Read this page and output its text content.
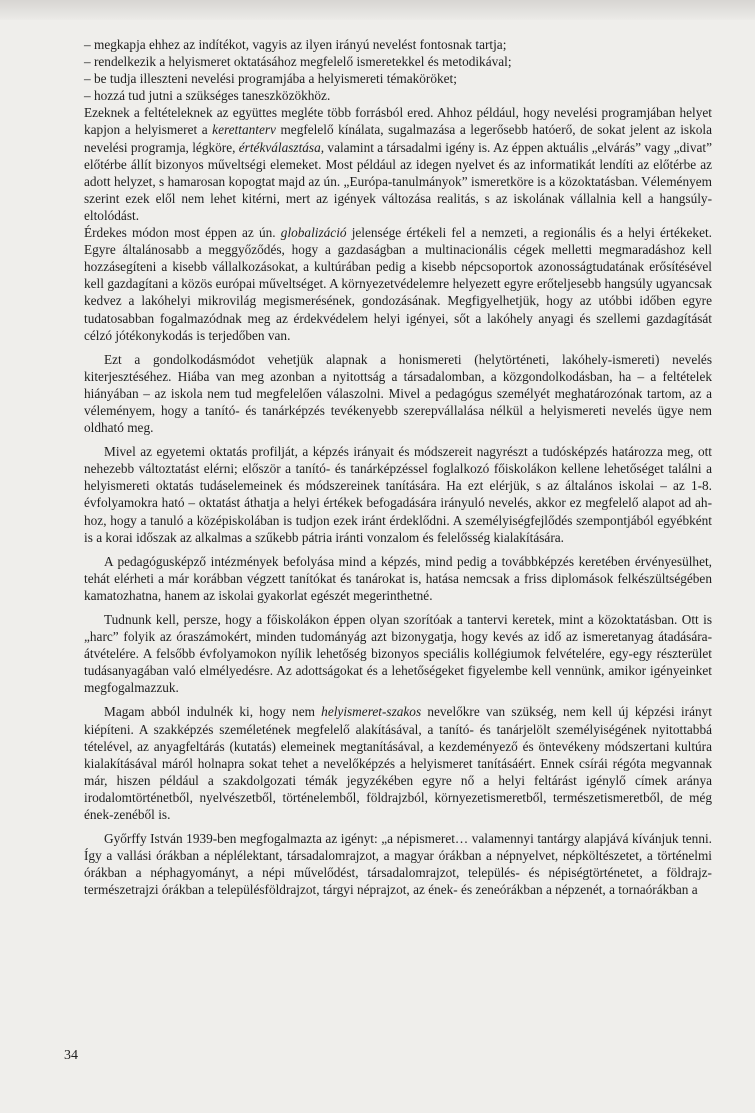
– megkapja ehhez az indítékot, vagyis az ilyen irányú nevelést fontosnak tartja;

– rendelkezik a helyismeret oktatásához megfelelő ismeretekkel és metodikával;

– be tudja illeszteni nevelési programjába a helyismereti témaköröket;

– hozzá tud jutni a szükséges taneszközökhöz.

Ezeknek a feltételeknek az együttes megléte több forrásból ered. Ahhoz például, hogy nevelési programjában helyet kapjon a helyismeret a kerettanterv megfelelő kínálata, sugalmazása a legerősebb hatóerő, de sokat jelent az iskola nevelési programja, légköre, értékválasztása, valamint a társadalmi igény is. Az éppen aktuális „elvárás” vagy „divat” előtérbe állít bizonyos műveltségi elemeket. Most például az idegen nyelvet és az informatikát lendíti az előtérbe az adott helyzet, s hamarosan kopogtat majd az ún. „Európa-tanulmányok” ismeretköre is a közoktatásban. Véleményem szerint ezek elől nem lehet kitérni, mert az igények változása realitás, s az iskolának vállalnia kell a hangsúly-eltolódást.

Érdekes módon most éppen az ún. globalizáció jelensége értékeli fel a nemzeti, a regionális és a helyi értékeket. Egyre általánosabb a meggyőződés, hogy a gazdaságban a multinacionális cégek melletti megmaradáshoz kell hozzásegíteni a kisebb vállalkozásokat, a kultúrában pedig a kisebb népcsoportok azonosságtudatának erősítésével kell gazdagítani a közös európai műveltséget. A környezetvédelemre helyezett egyre erőteljesebb hangsúly ugyancsak kedvez a lakóhelyi mikrovilág megismerésének, gondozásának. Megfigyelhetjük, hogy az utóbbi időben egyre tudatosabban fogalmazódnak meg az érdekvédelem helyi igényei, sőt a lakóhely anyagi és szellemi gazdagítását célzó jótékonykodás is terjedőben van.

Ezt a gondolkodásmódot vehetjük alapnak a honismereti (helytörténeti, lakóhely-ismereti) nevelés kiterjesztéséhez. Hiába van meg azonban a nyitottság a társadalomban, a közgondolkodásban, ha – a feltételek hiányában – az iskola nem tud megfelelően válaszolni. Mivel a pedagógus személyét meghatározónak tartom, az a véleményem, hogy a tanító- és tanárképzés tevékenyebb szerepvállalása nélkül a helyismereti nevelés ügye nem oldható meg.

Mivel az egyetemi oktatás profilját, a képzés irányait és módszereit nagyrészt a tudósképzés határozza meg, ott nehezebb változtatást elérni; először a tanító- és tanárképzéssel foglalkozó főiskolákon kellene lehetőséget találni a helyismereti oktatás tudáselemeinek és módszereinek tanítására. Ha ezt elérjük, s az általános iskolai – az 1-8. évfolyamokra ható – oktatást áthatja a helyi értékek befogadására irányuló nevelés, akkor ez megfelelő alapot ad ahhoz, hogy a tanuló a középiskolában is tudjon ezek iránt érdeklődni. A személyiségfejlődés szempontjából egyébként is a korai időszak az alkalmas a szűkebb pátria iránti vonzalom és felelősség kialakítására.

A pedagógusképző intézmények befolyása mind a képzés, mind pedig a továbbképzés keretében érvényesülhet, tehát elérheti a már korábban végzett tanítókat és tanárokat is, hatása nemcsak a friss diplomások felkészültségében kamatozhatna, hanem az iskolai gyakorlat egészét megerinthetné.

Tudnunk kell, persze, hogy a főiskolákon éppen olyan szorítóak a tantervi keretek, mint a közoktatásban. Ott is „harc” folyik az óraszámokért, minden tudományág azt bizonygatja, hogy kevés az idő az ismeretanyag átadására-átvételére. A felsőbb évfolyamokon nyílik lehetőség bizonyos speciális kollégiumok felvételére, egy-egy részterület tudásanyagában való elmélyedésre. Az adottságokat és a lehetőségeket figyelembe kell vennünk, amikor igényeinket megfogalmazzuk.

Magam abból indulnék ki, hogy nem helyismeret-szakos nevelőkre van szükség, nem kell új képzési irányt kiépíteni. A szakképzés személetének megfelelő alakításával, a tanító- és tanárjelölt személyiségének nyitottabbá tételével, az anyagfeltárás (kutatás) elemeinek megtanításával, a kezdeményező és öntevékeny módszertani kultúra kialakításával máról holnapra sokat tehet a nevelőképzés a helyismeret tanításáért. Ennek csírái régóta megvannak már, hiszen például a szakdolgozati témák jegyzékében egyre nő a helyi feltárást igénylő címek aránya irodalomtörténetből, nyelvészetből, történelemből, földrajzból, környezetismeretből, természetismeretből, de még ének-zenéből is.

Győrffy István 1939-ben megfogalmazta az igényt: „a népismeret… valamennyi tantárgy alapjává kívánjuk tenni. Így a vallási órákban a néplélektant, társadalomrajzot, a magyar órákban a népnyelvet, népköltészetet, a történelmi órákban a néphagyományt, a népi művelődést, társadalomrajzot, település- és népiségtörténetet, a földrajz-természetrajzi órákban a településföldrajzot, tárgyi néprajzot, az ének- és zeneórákban a népzenét, a tornaórákban a

34
